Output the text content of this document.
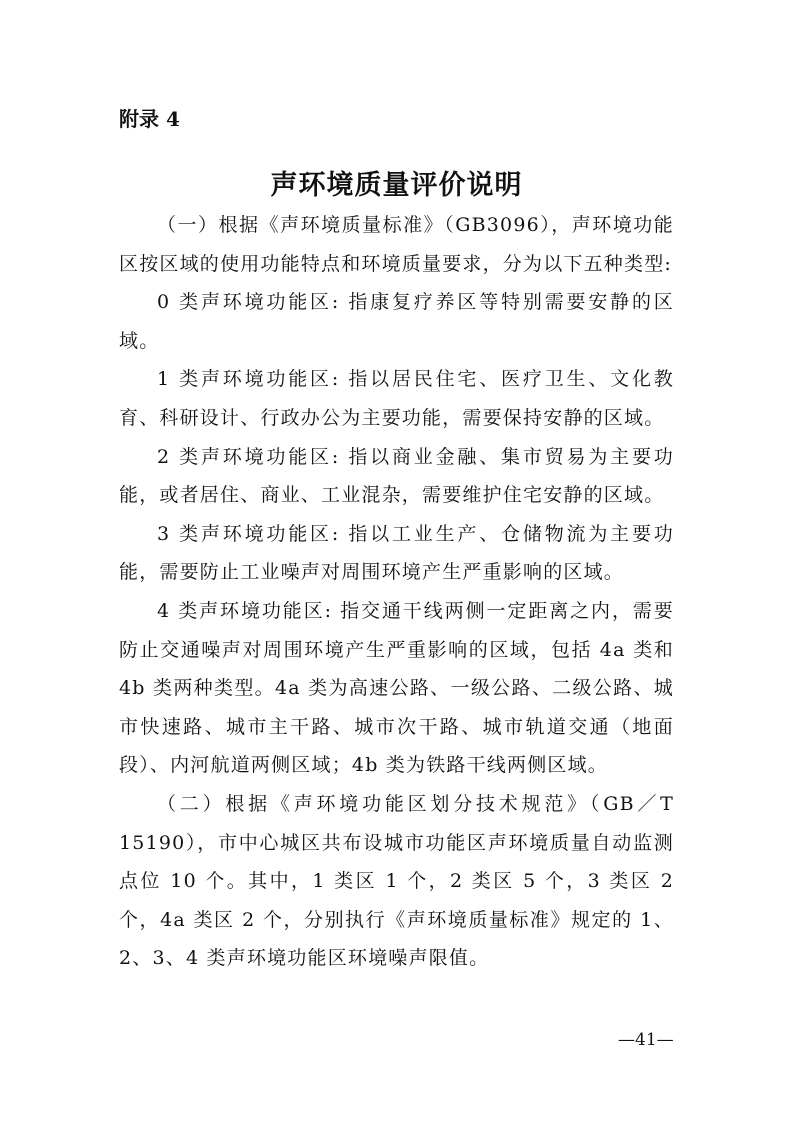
附录 4
声环境质量评价说明

（一）根据《声环境质量标准》（GB3096），声环境功能区按区域的使用功能特点和环境质量要求，分为以下五种类型:

0 类声环境功能区: 指康复疗养区等特别需要安静的区域。

1 类声环境功能区: 指以居民住宅、医疗卫生、文化教育、科研设计、行政办公为主要功能，需要保持安静的区域。

2 类声环境功能区: 指以商业金融、集市贸易为主要功能，或者居住、商业、工业混杂，需要维护住宅安静的区域。

3 类声环境功能区: 指以工业生产、仓储物流为主要功能，需要防止工业噪声对周围环境产生严重影响的区域。

4 类声环境功能区: 指交通干线两侧一定距离之内，需要防止交通噪声对周围环境产生严重影响的区域，包括 4a 类和 4b 类两种类型。4a 类为高速公路、一级公路、二级公路、城市快速路、城市主干路、城市次干路、城市轨道交通（地面段）、内河航道两侧区域；4b 类为铁路干线两侧区域。

（二）根据《声环境功能区划分技术规范》（GB／T 15190），市中心城区共布设城市功能区声环境质量自动监测点位 10 个。其中，1 类区 1 个，2 类区 5 个，3 类区 2 个，4a 类区 2 个，分别执行《声环境质量标准》规定的 1、2、3、4 类声环境功能区环境噪声限值。

—41—
